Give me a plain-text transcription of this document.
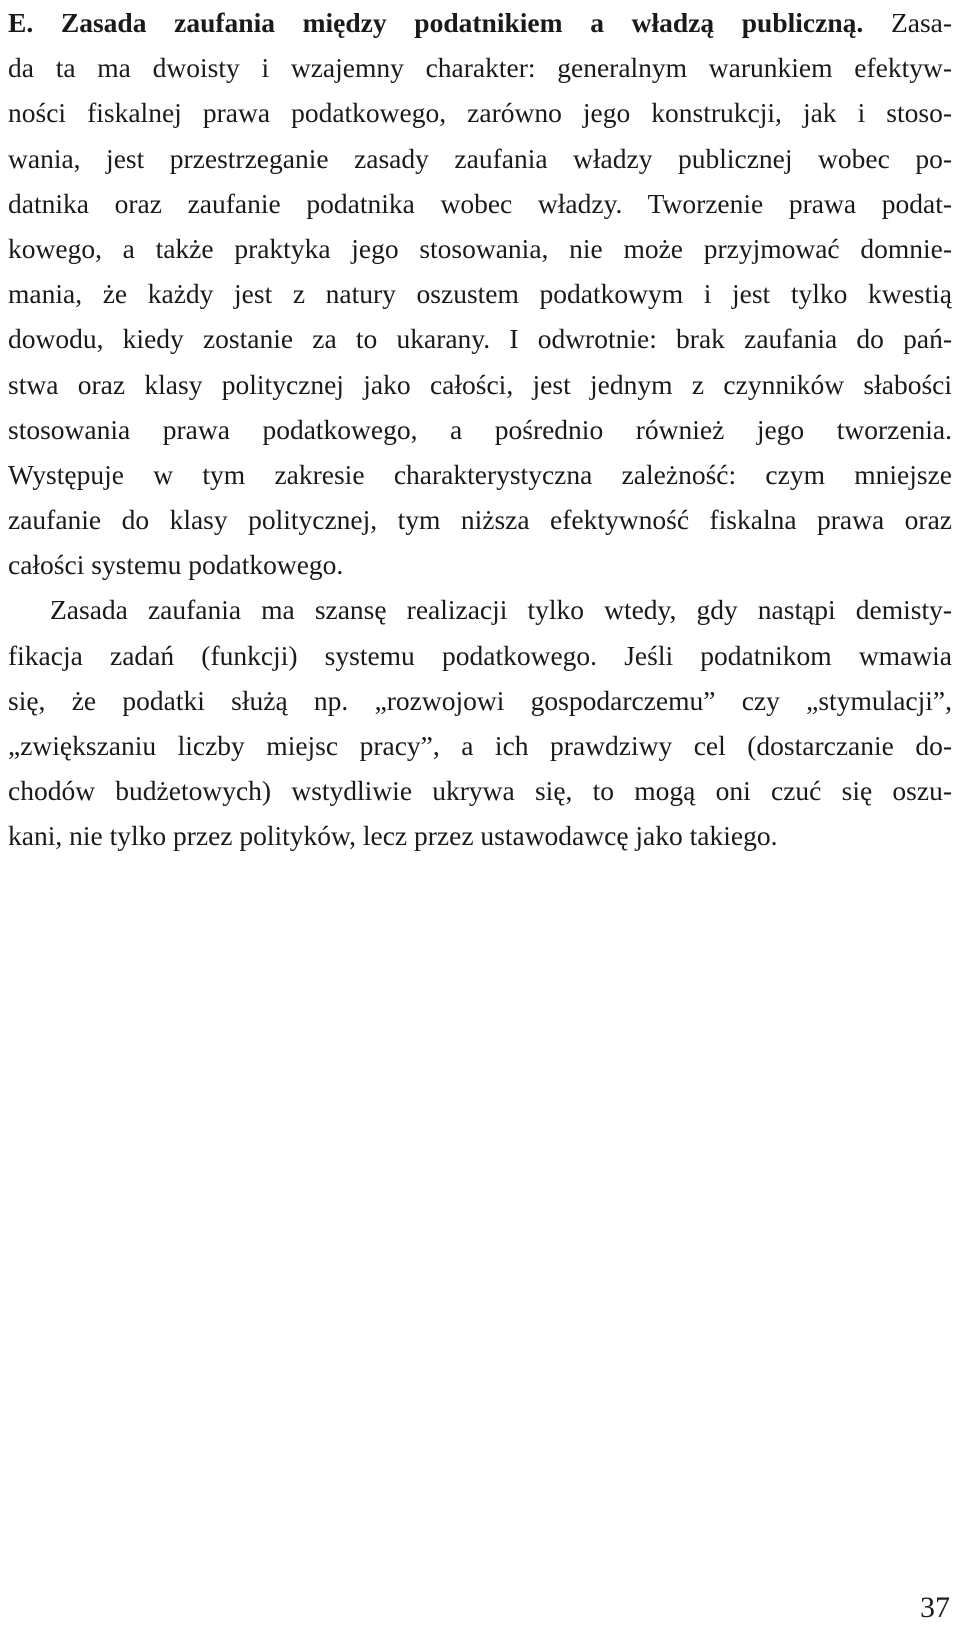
E. Zasada zaufania między podatnikiem a władzą publiczną. Zasa-
da ta ma dwoisty i wzajemny charakter: generalnym warunkiem efektyw-
ności fiskalnej prawa podatkowego, zarówno jego konstrukcji, jak i stoso-
wania, jest przestrzeganie zasady zaufania władzy publicznej wobec po-
datnika oraz zaufanie podatnika wobec władzy. Tworzenie prawa podat-
kowego, a także praktyka jego stosowania, nie może przyjmować domnie-
mania, że każdy jest z natury oszustem podatkowym i jest tylko kwestią
dowodu, kiedy zostanie za to ukarany. I odwrotnie: brak zaufania do pań-
stwa oraz klasy politycznej jako całości, jest jednym z czynników słabości
stosowania prawa podatkowego, a pośrednio również jego tworzenia.
Występuje w tym zakresie charakterystyczna zależność: czym mniejsze
zaufanie do klasy politycznej, tym niższa efektywność fiskalna prawa oraz
całości systemu podatkowego.
Zasada zaufania ma szansę realizacji tylko wtedy, gdy nastąpi demisty-
fikacja zadań (funkcji) systemu podatkowego. Jeśli podatnikom wmawia
się, że podatki służą np. „rozwojowi gospodarczemu” czy „stymulacji”,
„zwiększaniu liczby miejsc pracy”, a ich prawdziwy cel (dostarczanie do-
chodów budżetowych) wstydliwie ukrywa się, to mogą oni czuć się oszu-
kani, nie tylko przez polityków, lecz przez ustawodawcę jako takiego.
37
